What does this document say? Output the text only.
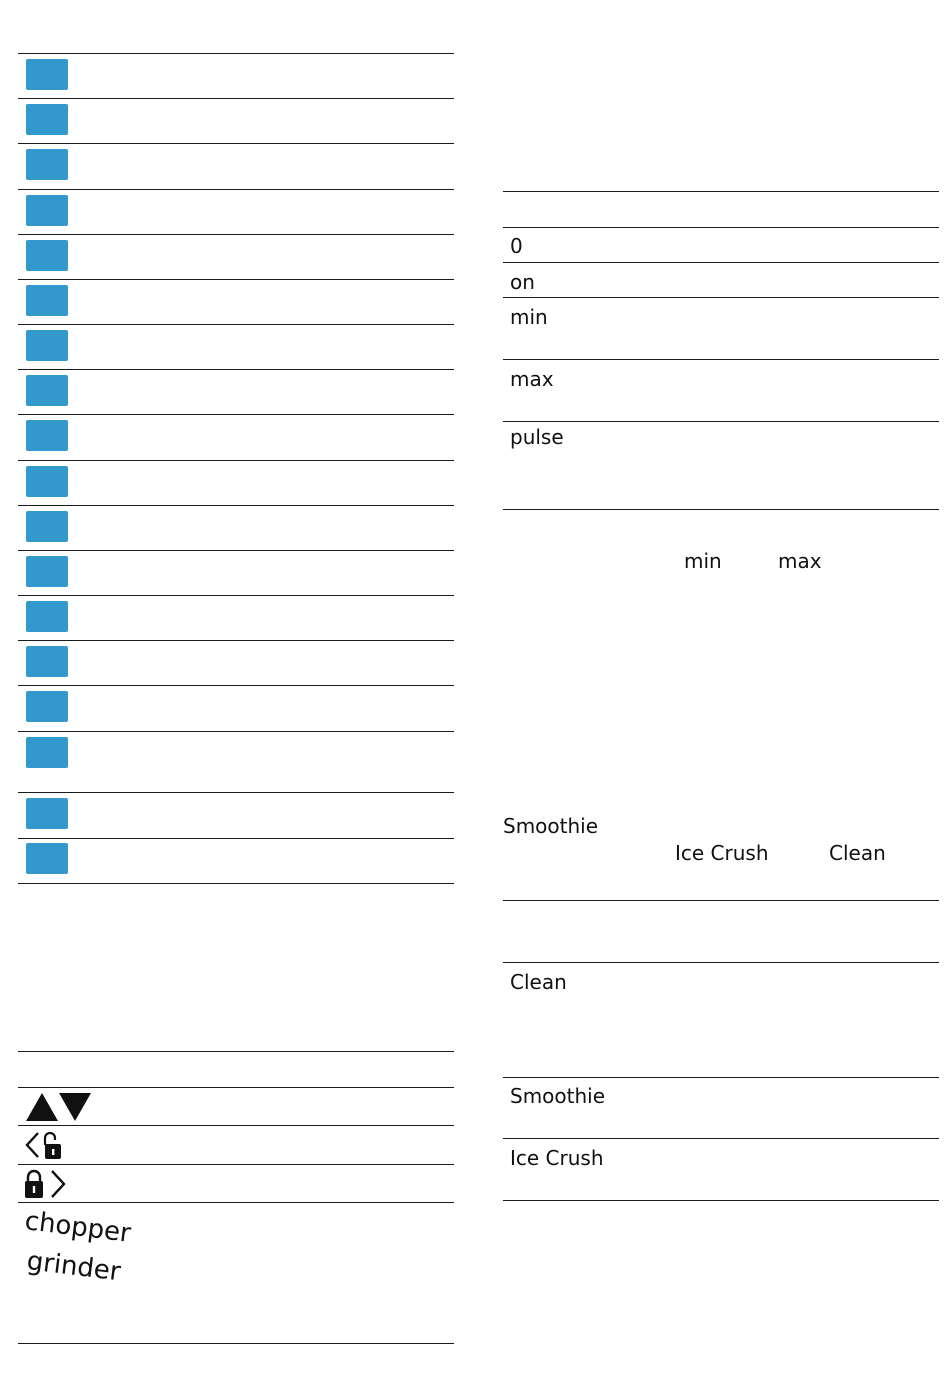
chopper
grinder
0
on
min
max
pulse
min	max
Smoothie
Ice Crush	Clean
Clean
Smoothie
Ice Crush
